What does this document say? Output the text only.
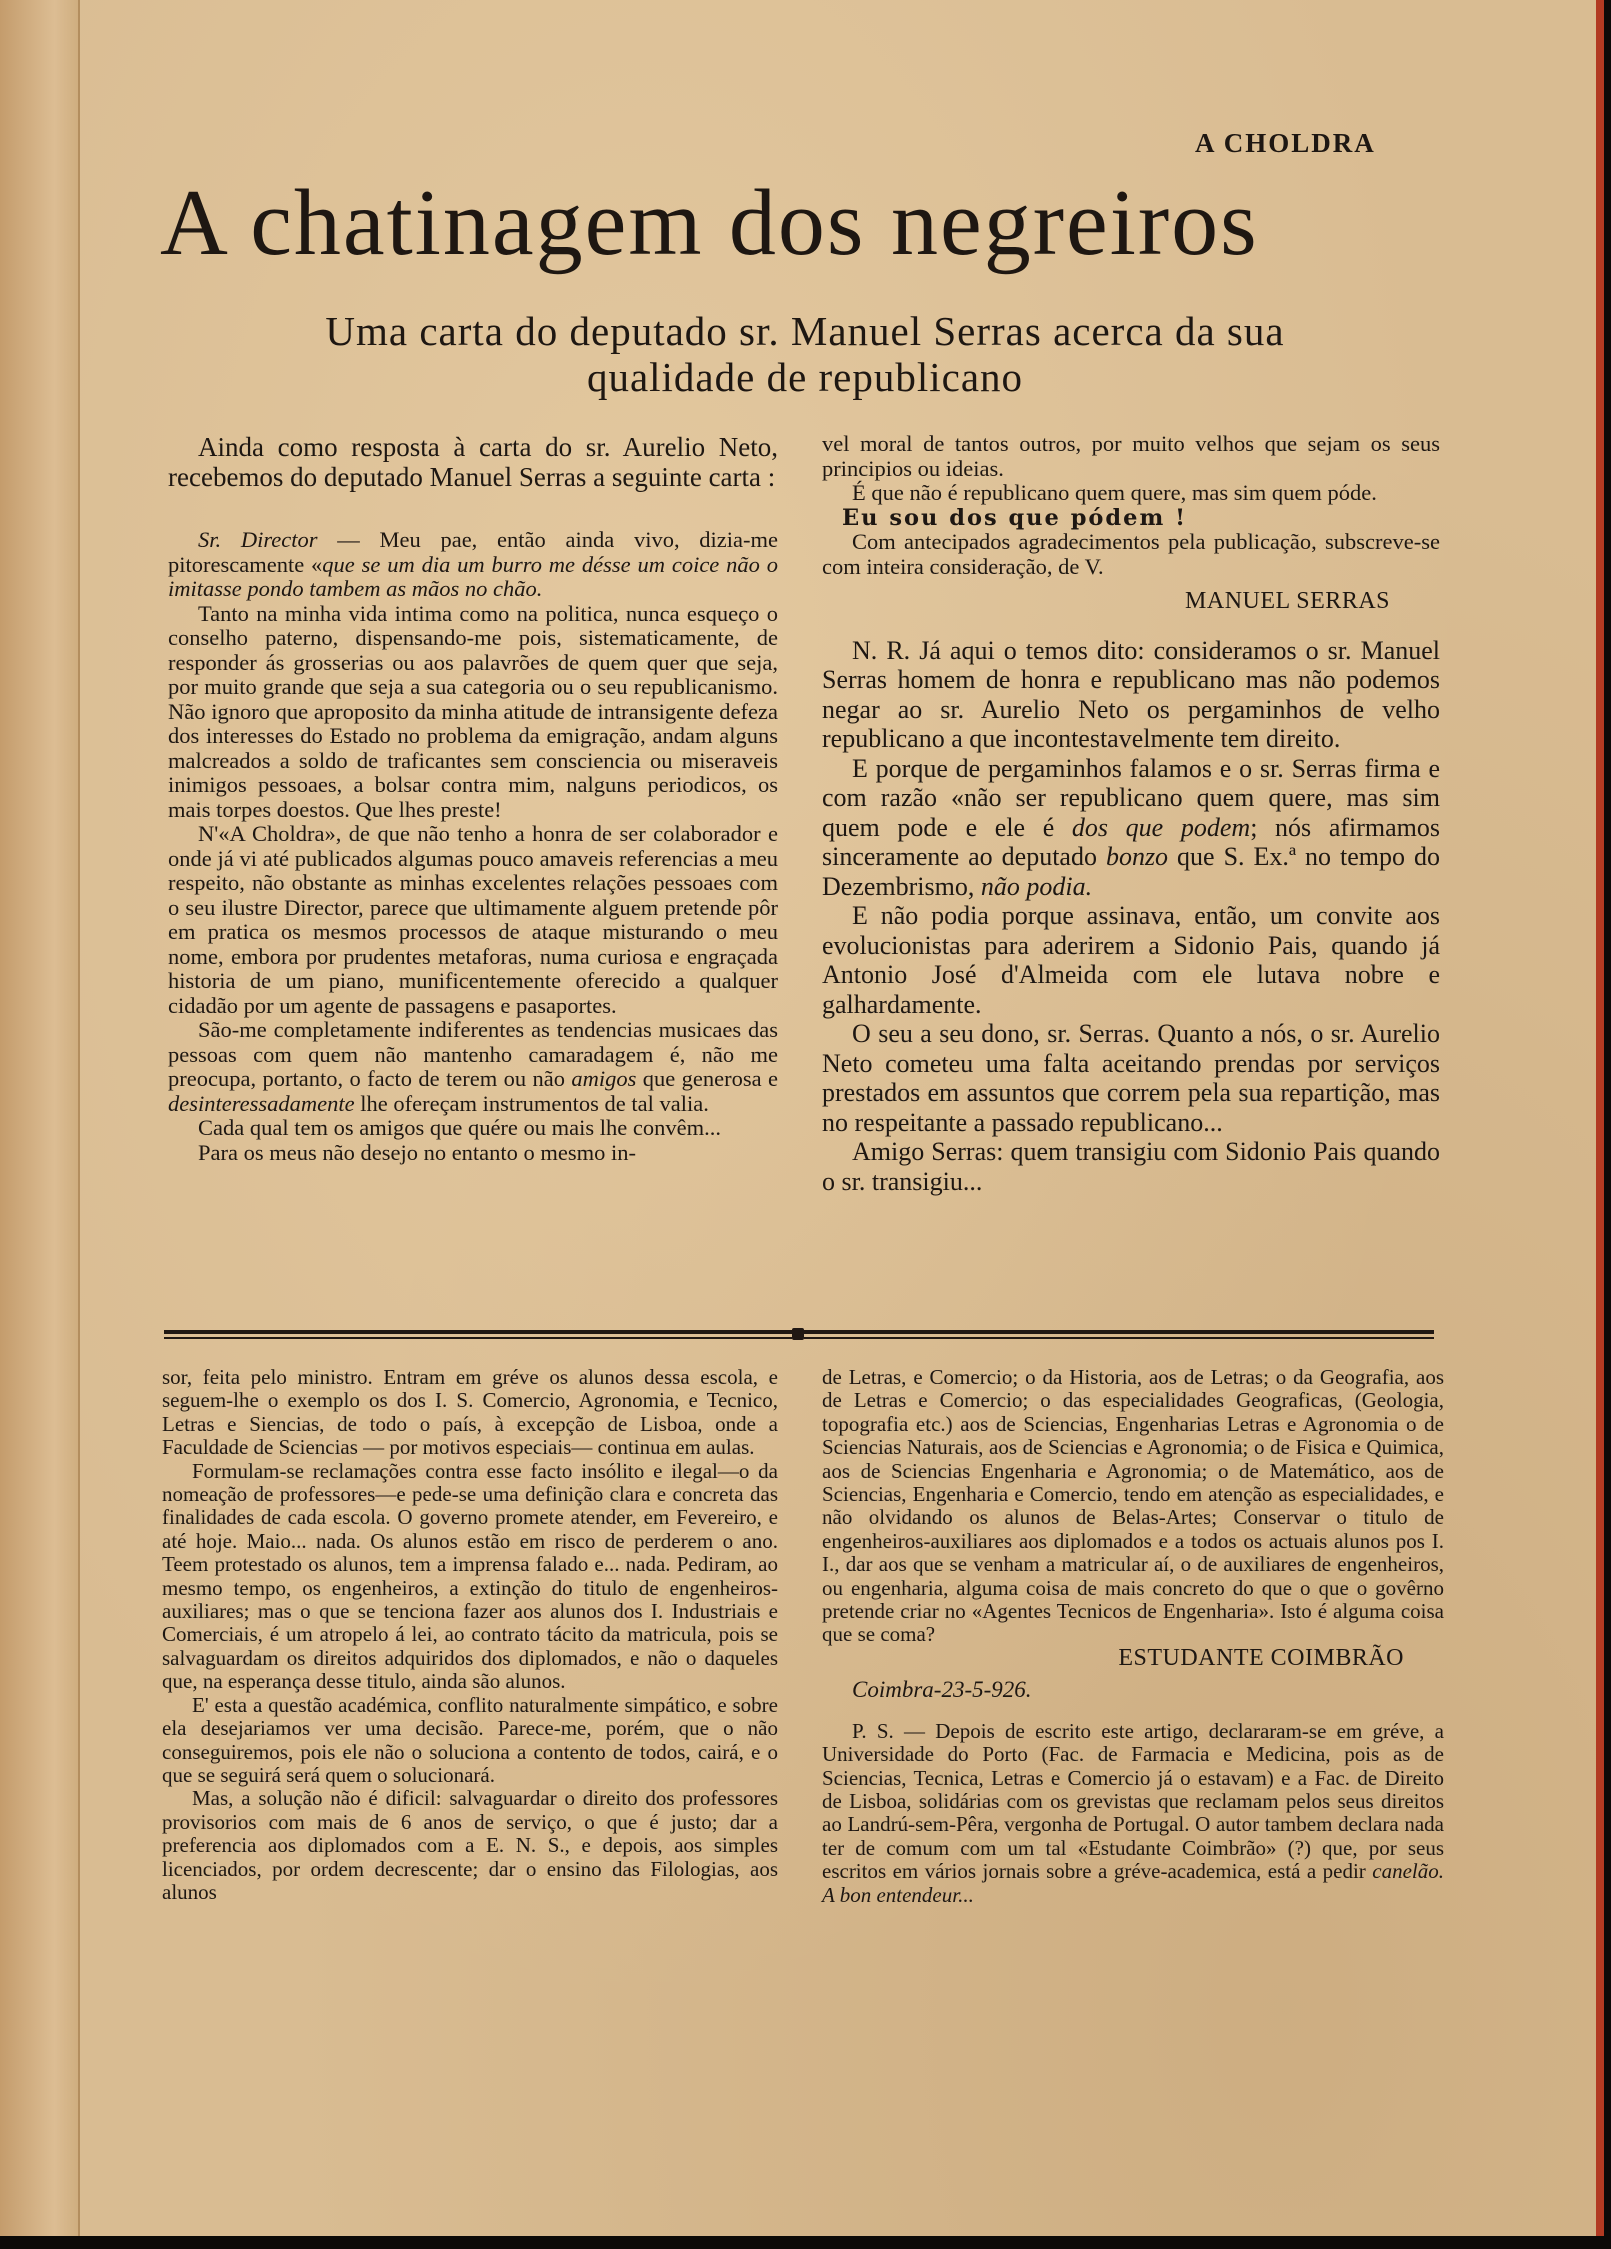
A CHOLDRA
A chatinagem dos negreiros
Uma carta do deputado sr. Manuel Serras acerca da sua qualidade de republicano

Ainda como resposta à carta do sr. Aurelio Neto, recebemos do deputado Manuel Serras a seguinte carta :

Sr. Director — Meu pae, então ainda vivo, dizia-me pitorescamente «que se um dia um burro me désse um coice não o imitasse pondo tambem as mãos no chão.

Tanto na minha vida intima como na politica, nunca esqueço o conselho paterno, dispensando-me pois, sistematicamente, de responder ás grosserias ou aos palavrões de quem quer que seja, por muito grande que seja a sua categoria ou o seu republicanismo. Não ignoro que aproposito da minha atitude de intransigente defeza dos interesses do Estado no problema da emigração, andam alguns malcreados a soldo de traficantes sem consciencia ou miseraveis inimigos pessoaes, a bolsar contra mim, nalguns periodicos, os mais torpes doestos. Que lhes preste!

N'«A Choldra», de que não tenho a honra de ser colaborador e onde já vi até publicados algumas pouco amaveis referencias a meu respeito, não obstante as minhas excelentes relações pessoaes com o seu ilustre Director, parece que ultimamente alguem pretende pôr em pratica os mesmos processos de ataque misturando o meu nome, embora por prudentes metaforas, numa curiosa e engraçada historia de um piano, munificentemente oferecido a qualquer cidadão por um agente de passagens e pasaportes.

São-me completamente indiferentes as tendencias musicaes das pessoas com quem não mantenho camaradagem é, não me preocupa, portanto, o facto de terem ou não amigos que generosa e desinteressadamente lhe ofereçam instrumentos de tal valia.

Cada qual tem os amigos que quére ou mais lhe convêm...

Para os meus não desejo no entanto o mesmo in-

vel moral de tantos outros, por muito velhos que sejam os seus principios ou ideias.

É que não é republicano quem quere, mas sim quem póde.

Eu sou dos que pódem !

Com antecipados agradecimentos pela publicação, subscreve-se com inteira consideração, de V.

MANUEL SERRAS

N. R. Já aqui o temos dito: consideramos o sr. Manuel Serras homem de honra e republicano mas não podemos negar ao sr. Aurelio Neto os pergaminhos de velho republicano a que incontestavelmente tem direito.

E porque de pergaminhos falamos e o sr. Serras firma e com razão «não ser republicano quem quere, mas sim quem pode e ele é dos que podem; nós afirmamos sinceramente ao deputado bonzo que S. Ex.ª no tempo do Dezembrismo, não podia.

E não podia porque assinava, então, um convite aos evolucionistas para aderirem a Sidonio Pais, quando já Antonio José d'Almeida com ele lutava nobre e galhardamente.

O seu a seu dono, sr. Serras. Quanto a nós, o sr. Aurelio Neto cometeu uma falta aceitando prendas por serviços prestados em assuntos que correm pela sua repartição, mas no respeitante a passado republicano...

Amigo Serras: quem transigiu com Sidonio Pais quando o sr. transigiu...

sor, feita pelo ministro. Entram em gréve os alunos dessa escola, e seguem-lhe o exemplo os dos I. S. Comercio, Agronomia, e Tecnico, Letras e Siencias, de todo o país, à excepção de Lisboa, onde a Faculdade de Sciencias — por motivos especiais— continua em aulas.

Formulam-se reclamações contra esse facto insólito e ilegal—o da nomeação de professores—e pede-se uma definição clara e concreta das finalidades de cada escola. O governo promete atender, em Fevereiro, e até hoje. Maio... nada. Os alunos estão em risco de perderem o ano. Teem protestado os alunos, tem a imprensa falado e... nada. Pediram, ao mesmo tempo, os engenheiros, a extinção do titulo de engenheiros-auxiliares; mas o que se tenciona fazer aos alunos dos I. Industriais e Comerciais, é um atropelo á lei, ao contrato tácito da matricula, pois se salvaguardam os direitos adquiridos dos diplomados, e não o daqueles que, na esperança desse titulo, ainda são alunos.

E' esta a questão académica, conflito naturalmente simpático, e sobre ela desejariamos ver uma decisão. Parece-me, porém, que o não conseguiremos, pois ele não o soluciona a contento de todos, cairá, e o que se seguirá será quem o solucionará.

Mas, a solução não é dificil: salvaguardar o direito dos professores provisorios com mais de 6 anos de serviço, o que é justo; dar a preferencia aos diplomados com a E. N. S., e depois, aos simples licenciados, por ordem decrescente; dar o ensino das Filologias, aos alunos

de Letras, e Comercio; o da Historia, aos de Letras; o da Geografia, aos de Letras e Comercio; o das especialidades Geograficas, (Geologia, topografia etc.) aos de Sciencias, Engenharias Letras e Agronomia o de Sciencias Naturais, aos de Sciencias e Agronomia; o de Fisica e Quimica, aos de Sciencias Engenharia e Agronomia; o de Matemático, aos de Sciencias, Engenharia e Comercio, tendo em atenção as especialidades, e não olvidando os alunos de Belas-Artes; Conservar o titulo de engenheiros-auxiliares aos diplomados e a todos os actuais alunos pos I. I., dar aos que se venham a matricular aí, o de auxiliares de engenheiros, ou engenharia, alguma coisa de mais concreto do que o que o govêrno pretende criar no «Agentes Tecnicos de Engenharia». Isto é alguma coisa que se coma?

ESTUDANTE COIMBRÃO

Coimbra-23-5-926.

P. S. — Depois de escrito este artigo, declararam-se em gréve, a Universidade do Porto (Fac. de Farmacia e Medicina, pois as de Sciencias, Tecnica, Letras e Comercio já o estavam) e a Fac. de Direito de Lisboa, solidárias com os grevistas que reclamam pelos seus direitos ao Landrú-sem-Pêra, vergonha de Portugal. O autor tambem declara nada ter de comum com um tal «Estudante Coimbrão» (?) que, por seus escritos em vários jornais sobre a gréve-academica, está a pedir canelão. A bon entendeur...
